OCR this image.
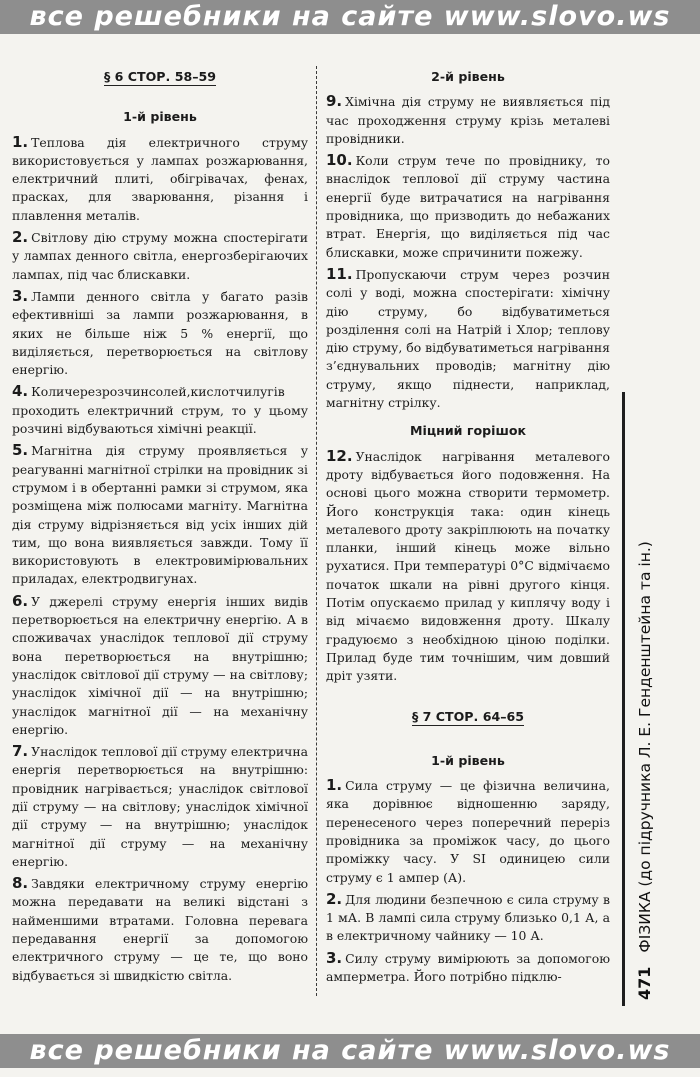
все решебники на сайте www.slovo.ws
§ 6 СТОР. 58–59
1-й рівень
1. Теплова дія електричного струму використовується у лампах розжарювання, електричний плиті, обігрівачах, фенах, прасках, для зварювання, різання і плавлення металів.
2. Світлову дію струму можна спостерігати у лампах денного світла, енергозберігаючих лампах, під час блискавки.
3. Лампи денного світла у багато разів ефективніші за лампи розжарювання, в яких не більше ніж 5 % енергії, що виділяється, перетворюється на світлову енергію.
4. Количерезрозчинсолей,кислотчилугів проходить електричний струм, то у цьому розчині відбуваються хімічні реакції.
5. Магнітна дія струму проявляється у реагуванні магнітної стрілки на провідник зі струмом і в обертанні рамки зі струмом, яка розміщена між полюсами магніту. Магнітна дія струму відрізняється від усіх інших дій тим, що вона виявляється завжди. Тому її використовують в електровимірювальних приладах, електродвигунах.
6. У джерелі струму енергія інших видів перетворюється на електричну енергію. А в споживачах унаслідок теплової дії струму вона перетворюється на внутрішню; унаслідок світлової дії струму — на світлову; унаслідок хімічної дії — на внутрішню; унаслідок магнітної дії — на механічну енергію.
7. Унаслідок теплової дії струму електрична енергія перетворюється на внутрішню: провідник нагрівається; унаслідок світлової дії струму — на світлову; унаслідок хімічної дії струму — на внутрішню; унаслідок магнітної дії струму — на механічну енергію.
8. Завдяки електричному струму енергію можна передавати на великі відстані з найменшими втратами. Головна перевага передавання енергії за допомогою електричного струму — це те, що воно відбувається зі швидкістю світла.
2-й рівень
9. Хімічна дія струму не виявляється під час проходження струму крізь металеві провідники.
10. Коли струм тече по провіднику, то внаслідок теплової дії струму частина енергії буде витрачатися на нагрівання провідника, що призводить до небажаних втрат. Енергія, що виділяється під час блискавки, може спричинити пожежу.
11. Пропускаючи струм через розчин солі у воді, можна спостерігати: хімічну дію струму, бо відбуватиметься розділення солі на Натрій і Хлор; теплову дію струму, бо відбуватиметься нагрівання з’єднувальних проводів; магнітну дію струму, якщо піднести, наприклад, магнітну стрілку.
Міцний горішок
12. Унаслідок нагрівання металевого дроту відбувається його подовження. На основі цього можна створити термометр. Його конструкція така: один кінець металевого дроту закріплюють на початку планки, інший кінець може вільно рухатися. При температурі 0°С відмічаємо початок шкали на рівні другого кінця. Потім опускаємо прилад у киплячу воду і від мічаємо видовження дроту. Шкалу градуюємо з необхідною ціною поділки. Прилад буде тим точнішим, чим довший дріт узяти.
§ 7 СТОР. 64–65
1-й рівень
1. Сила струму — це фізична величина, яка дорівнює відношенню заряду, перенесеного через поперечний переріз провідника за проміжок часу, до цього проміжку часу. У SI одиницею сили струму є 1 ампер (А).
2. Для людини безпечною є сила струму в 1 мА. В лампі сила струму близько 0,1 А, а в електричному чайнику — 10 А.
3. Силу струму вимірюють за допомогою амперметра. Його потрібно підклю-	471ФІЗИКА (до підручника Л. Е. Генденштейна та ін.)
все решебники на сайте www.slovo.ws
